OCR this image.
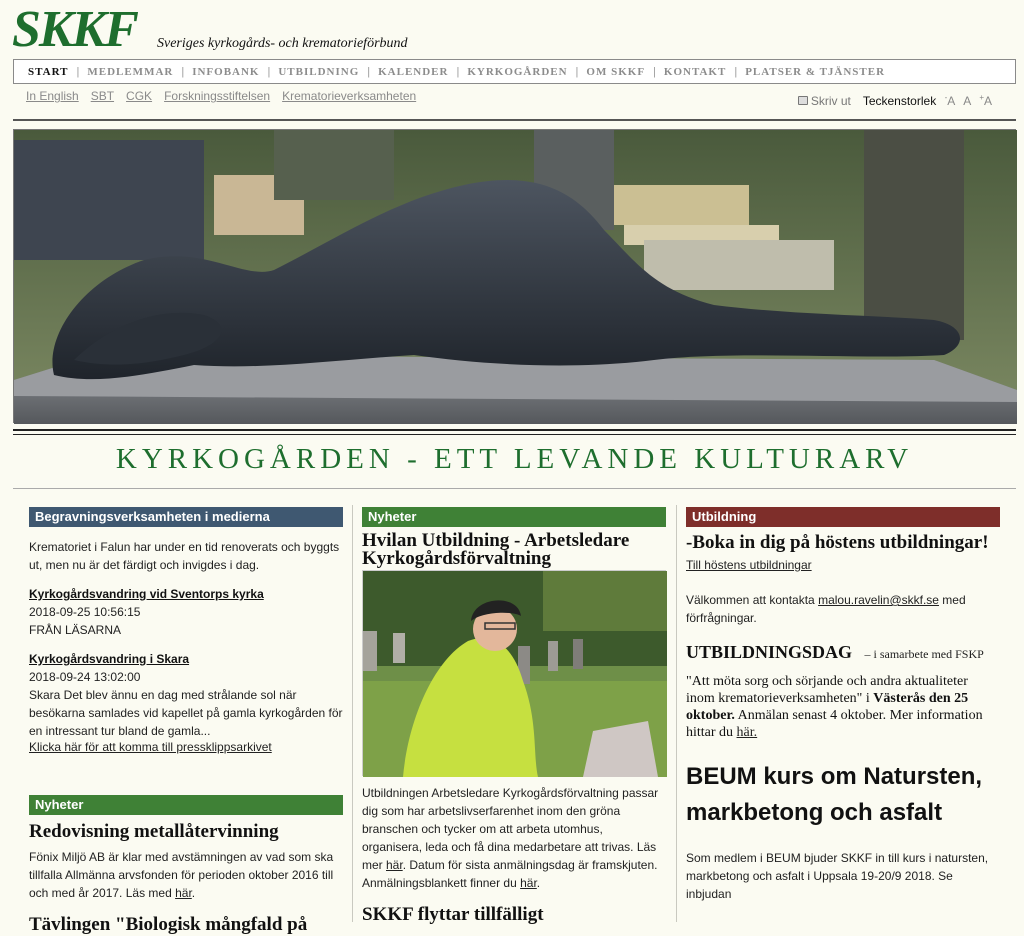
SKKF Sveriges kyrkogårds- och krematorieförbund
START | MEDLEMMAR | INFOBANK | UTBILDNING | KALENDER | KYRKOGÅRDEN | OM SKKF | KONTAKT | PLATSER & TJÄNSTER
In English SBT CGK Forskningsstiftelsen Krematorieverksamheten	Skriv ut Teckenstorlek
 	-A A +A
KYRKOGÅRDEN - ETT LEVANDE KULTURARV
Begravningsverksamheten i medierna

Krematoriet i Falun har under en tid renoverats och byggts ut, men nu är det färdigt och invigdes i dag.

Kyrkogårdsvandring vid Sventorps kyrka
2018-09-25 10:56:15
FRÅN LÄSARNA
Kyrkogårdsvandring i Skara
2018-09-24 13:02:00
Skara Det blev ännu en dag med strålande sol när besökarna samlades vid kapellet på gamla kyrkogården för en intressant tur bland de gamla...
Klicka här för att komma till pressklippsarkivet
Nyheter
Redovisning metallåtervinning

Fönix Miljö AB är klar med avstämningen av vad som ska tillfalla Allmänna arvsfonden för perioden oktober 2016 till och med år 2017. Läs med här.

Tävlingen "Biologisk mångfald på
Nyheter
Hvilan Utbildning - Arbetsledare Kyrkogårdsförvaltning

Utbildningen Arbetsledare Kyrkogårdsförvaltning passar dig som har arbetslivserfarenhet inom den gröna branschen och tycker om att arbeta utomhus, organisera, leda och få dina medarbetare att trivas. Läs mer här. Datum för sista anmälningsdag är framskjuten. Anmälningsblankett finner du här.

SKKF flyttar tillfälligt
Utbildning
-Boka in dig på höstens utbildningar!
Till höstens utbildningar

Välkommen att kontakta malou.ravelin@skkf.se med förfrågningar.

UTBILDNINGSDAG – i samarbete med FSKP

"Att möta sorg och sörjande och andra aktualiteter inom krematorieverksamheten" i Västerås den 25 oktober. Anmälan senast 4 oktober. Mer information hittar du här.

BEUM kurs om Natursten, markbetong och asfalt

Som medlem i BEUM bjuder SKKF in till kurs i natursten, markbetong och asfalt i Uppsala 19-20/9 2018. Se inbjudan
